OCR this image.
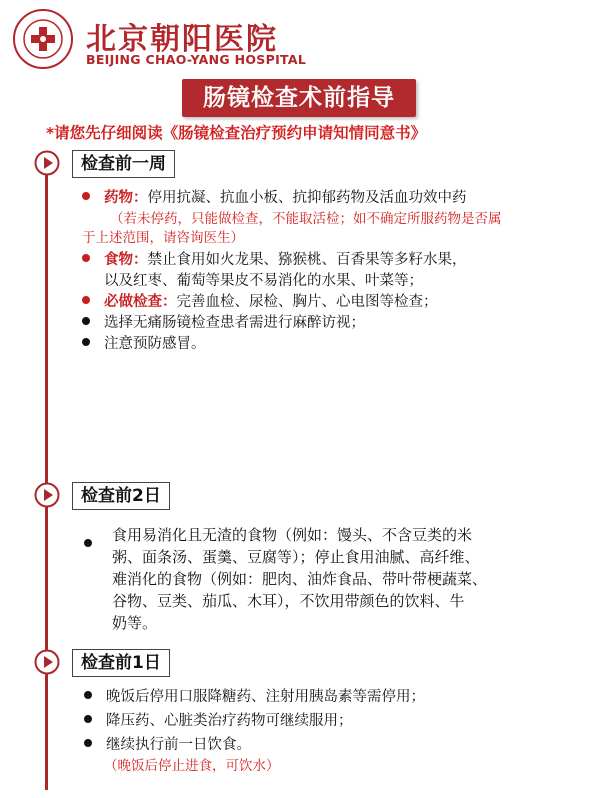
北京朝阳医院
BEIJING CHAO-YANG HOSPITAL
肠镜检查术前指导
*请您先仔细阅读《肠镜检查治疗预约申请知情同意书》
检查前一周
药物：停用抗凝、抗血小板、抗抑郁药物及活血功效中药
（若未停药，只能做检查，不能取活检；如不确定所服药物是否属
于上述范围，请咨询医生）
食物：禁止食用如火龙果、猕猴桃、百香果等多籽水果，
以及红枣、葡萄等果皮不易消化的水果、叶菜等；
必做检查：完善血检、尿检、胸片、心电图等检查；
选择无痛肠镜检查患者需进行麻醉访视；
注意预防感冒。
检查前2日
食用易消化且无渣的食物（例如：馒头、不含豆类的米
粥、面条汤、蛋羹、豆腐等）；停止食用油腻、高纤维、
难消化的食物（例如：肥肉、油炸食品、带叶带梗蔬菜、
谷物、豆类、茄瓜、木耳），不饮用带颜色的饮料、牛
奶等。
检查前1日
晚饭后停用口服降糖药、注射用胰岛素等需停用；
降压药、心脏类治疗药物可继续服用；
继续执行前一日饮食。
（晚饭后停止进食，可饮水）
